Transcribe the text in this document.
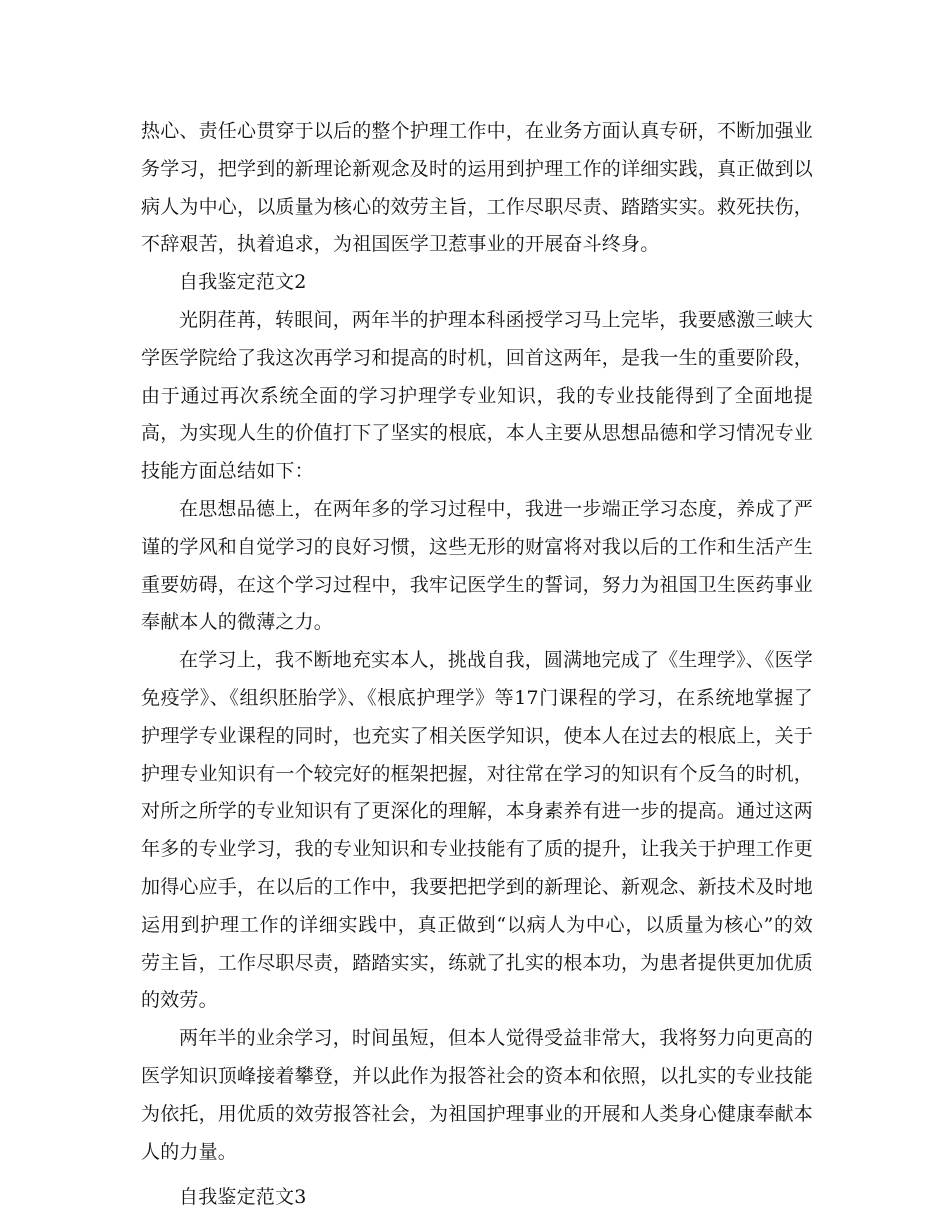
热心、责任心贯穿于以后的整个护理工作中，在业务方面认真专研，不断加强业务学习，把学到的新理论新观念及时的运用到护理工作的详细实践，真正做到以病人为中心，以质量为核心的效劳主旨，工作尽职尽责、踏踏实实。救死扶伤，不辞艰苦，执着追求，为祖国医学卫惹事业的开展奋斗终身。

自我鉴定范文2

光阴荏苒，转眼间，两年半的护理本科函授学习马上完毕，我要感激三峡大学医学院给了我这次再学习和提高的时机，回首这两年，是我一生的重要阶段，由于通过再次系统全面的学习护理学专业知识，我的专业技能得到了全面地提高，为实现人生的价值打下了坚实的根底，本人主要从思想品德和学习情况专业技能方面总结如下：

在思想品德上，在两年多的学习过程中，我进一步端正学习态度，养成了严谨的学风和自觉学习的良好习惯，这些无形的财富将对我以后的工作和生活产生重要妨碍，在这个学习过程中，我牢记医学生的誓词，努力为祖国卫生医药事业奉献本人的微薄之力。

在学习上，我不断地充实本人，挑战自我，圆满地完成了《生理学》、《医学免疫学》、《组织胚胎学》、《根底护理学》等17门课程的学习，在系统地掌握了护理学专业课程的同时，也充实了相关医学知识，使本人在过去的根底上，关于护理专业知识有一个较完好的框架把握，对往常在学习的知识有个反刍的时机，对所之所学的专业知识有了更深化的理解，本身素养有进一步的提高。通过这两年多的专业学习，我的专业知识和专业技能有了质的提升，让我关于护理工作更加得心应手，在以后的工作中，我要把把学到的新理论、新观念、新技术及时地运用到护理工作的详细实践中，真正做到“以病人为中心，以质量为核心”的效劳主旨，工作尽职尽责，踏踏实实，练就了扎实的根本功，为患者提供更加优质的效劳。

两年半的业余学习，时间虽短，但本人觉得受益非常大，我将努力向更高的医学知识顶峰接着攀登，并以此作为报答社会的资本和依照，以扎实的专业技能为依托，用优质的效劳报答社会，为祖国护理事业的开展和人类身心健康奉献本人的力量。

自我鉴定范文3
